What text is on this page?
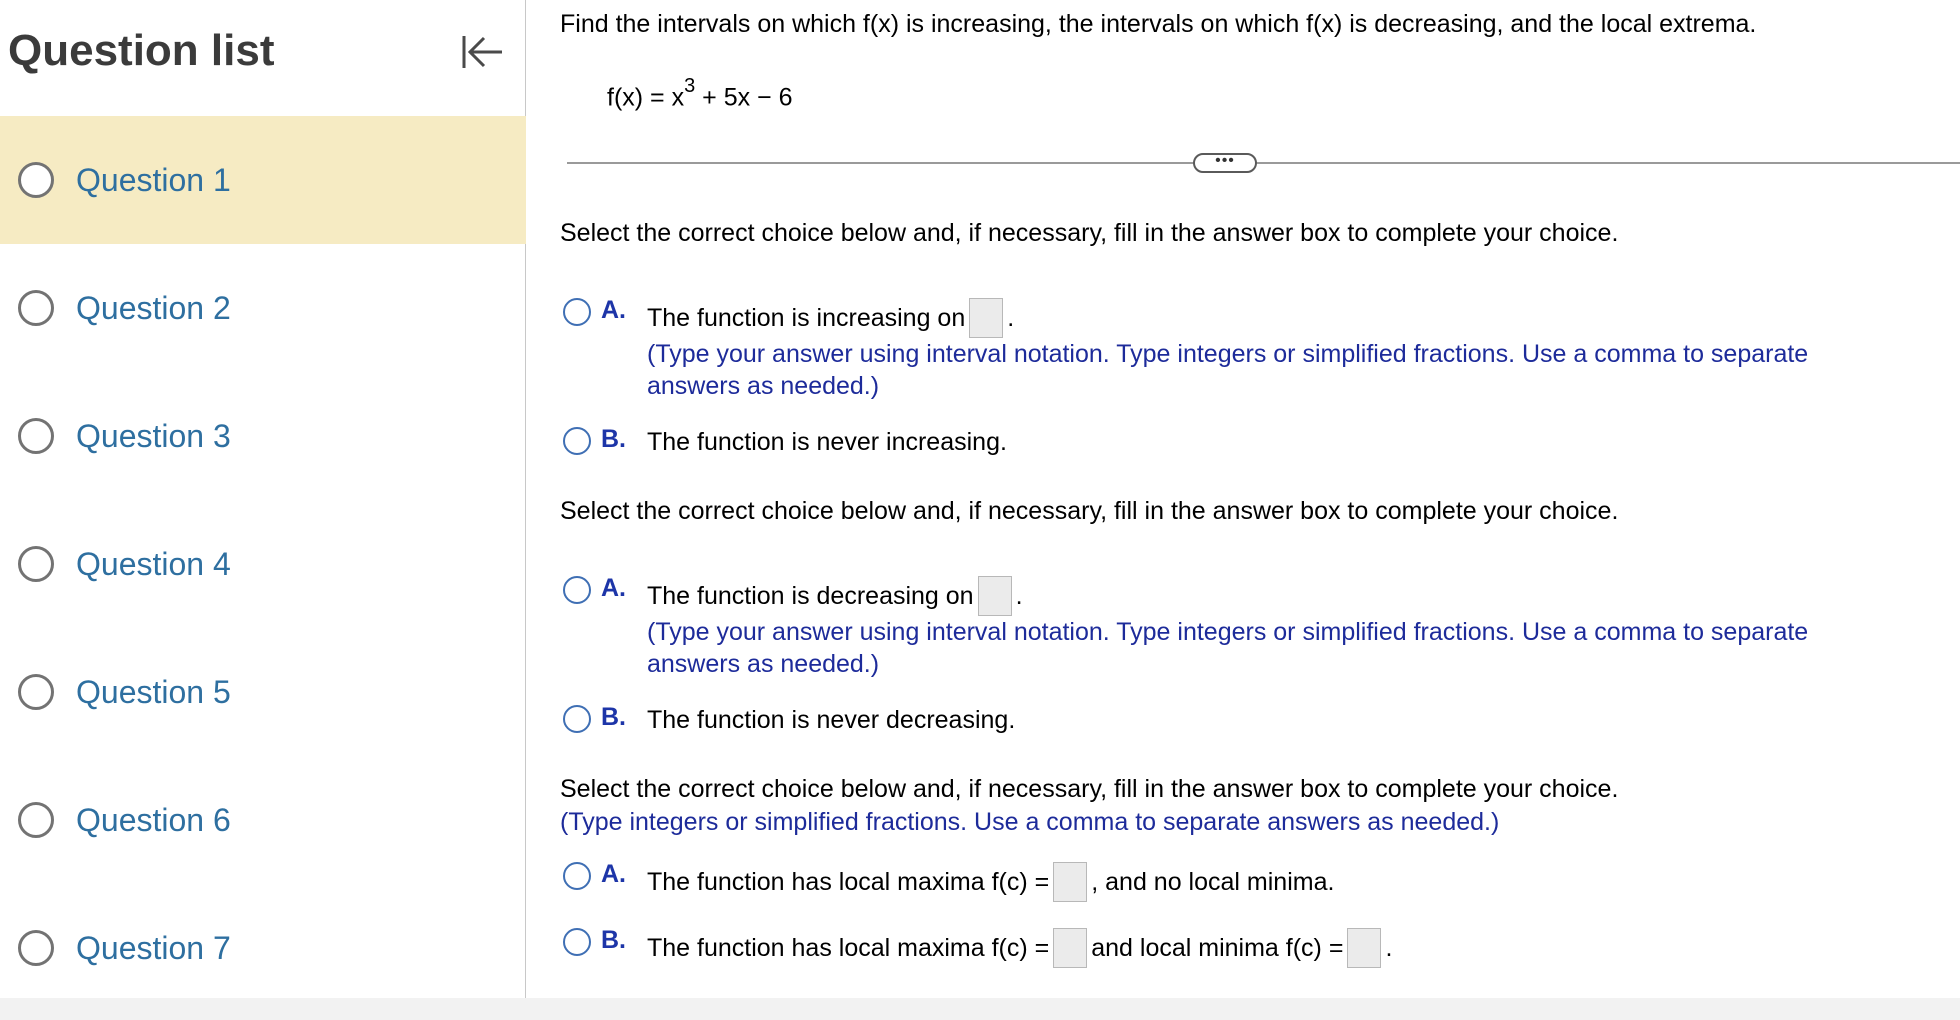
Question list
Question 1
Question 2
Question 3
Question 4
Question 5
Question 6
Question 7
Find the intervals on which f(x) is increasing, the intervals on which f(x) is decreasing, and the local extrema.
$f(x) = x^3 + 5x - 6$
•••
Select the correct choice below and, if necessary, fill in the answer box to complete your choice.
A. The function is increasing on .
(Type your answer using interval notation. Type integers or simplified fractions. Use a comma to separate answers as needed.)
B. The function is never increasing.
Select the correct choice below and, if necessary, fill in the answer box to complete your choice.
A. The function is decreasing on .
(Type your answer using interval notation. Type integers or simplified fractions. Use a comma to separate answers as needed.)
B. The function is never decreasing.
Select the correct choice below and, if necessary, fill in the answer box to complete your choice.
(Type integers or simplified fractions. Use a comma to separate answers as needed.)
A. The function has local maxima f(c) = , and no local minima.
B. The function has local maxima f(c) = and local minima f(c) = .
